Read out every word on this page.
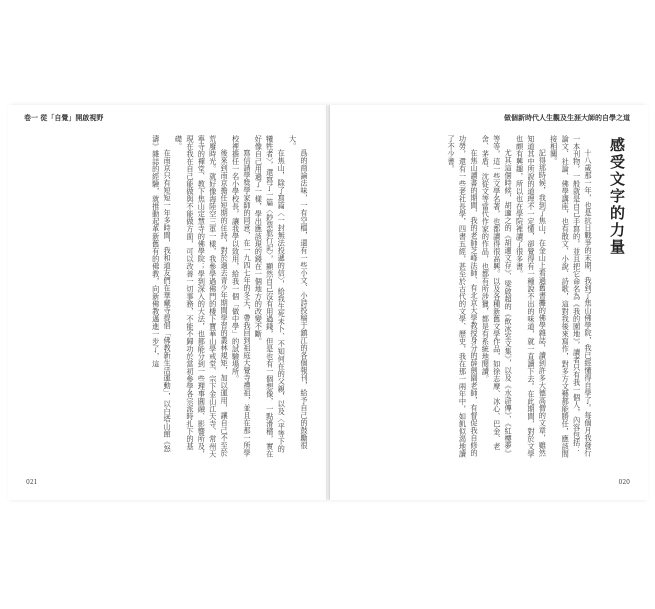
卷一 從「自覺」開啟視野

爲的商論法味，一有空檔，還有一些小文、小詩投稿于鎮江的各個報刊，給予自己的鼓勵很大。

在焦山，除了寫篇〈一封無法投遞的信〉，給我生死未卜、不知何在的父親，以及〈平等下的犧牲者〉，還寫了一篇〈鈔票旅行記〉，顯然自己沒有用過錢，但是也有一個想像，一點滑稽，實在好像自己用過了一樣，學出應該現的錢在一個地方的改變不斷。

寫信請學獎學家師的同意，在一九四七年的冬天，帶我回到祖庭大覺寺禮祖，並且在那一所學校裡擔任一名小學校長，讓我學以致用，給我一個「做中學」的試驗場所。

後來到南京擔任短期的住持，對於過去青少年期間學習的叢林規矩，加以運用，讓自己不至於荒廢時光。就好像海陸空三軍一樣，我參學過佛門的棲下寶華山學戒堂、宗下金山江天寺、常州天寧寺的禪堂、教下焦山定慧寺的佛學院；學到深入的大法，也都能分到一些理事圓融、影響所及，現在我在自己能做與不能做方面，可以改善一切事務，不能不歸功於當初參學各宗派時扎下的基礎。

在南京只有短短一年多時間，我和道友們在華藏寺提倡「佛教新生活運動」，以白塔山館《怒濤》雜誌的經驗，就推動起革新舊有的佛教，向新佛教邁進一步了，這

021
做個新時代人生觀及生涯大師的自學之道
感受文字的力量

十八歲那一年，也是抗日戰爭的末期，我到了焦山佛學院，我已經懂得自學了。每個月我發行一本刊物，一般就是自己手寫的，並且把它命名為《我的園地》，讀者只有我一個人，內容包括：論文、社論、佛學講座，也有散文、小說、詩歌，這對我後來寫作，對多方文藝都能勝任，應該間接相關。

記得那時候，我到了焦山，在金山上看過舊書攤的佛學雜誌，讀到許多大德高僧的文章，雖然知道其中所說的道理不一定懂，卻覺得有一種說不出的味道，就一直讀下去。在此期間，對於文學也頗有興趣，所以也在學院裡讀了很多書。

尤其這個時候，胡適之的《胡適文存》、梁啟超的《飲冰室文集》，以及《水滸傳》、《紅樓夢》等等，這一些文學名著，也都讀得很高興。以及各種新舊文學作品，如徐志摩、冰心、巴金、老舍、茅盾、沈從文等當代作家的作品，也都有所涉獵，都是有系統地閱讀。

在焦山讀書的期間，我的老師芝峰法師、有北京大學教授身分的薛劍園老師，有督促我自修的功勞，還有一些老社長學，四書五經，甚至於古代的文學、歷史，我在那一兩年中，如飢似渴地讀了不少書。

020
